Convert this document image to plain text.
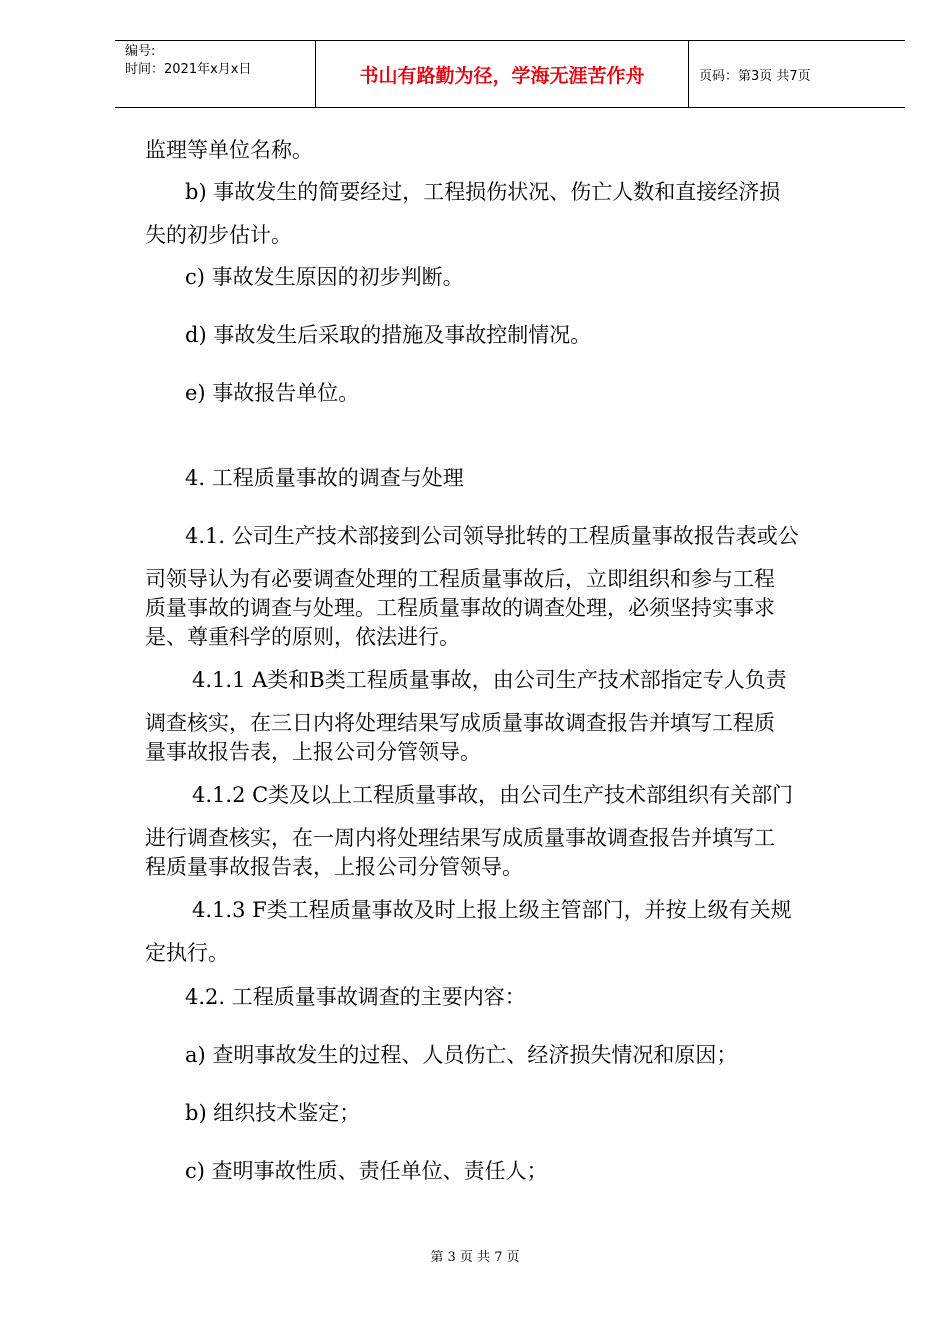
编号:
时间：2021年x月x日	书山有路勤为径，学海无涯苦作舟	页码：第3页 共7页
监理等单位名称。
b) 事故发生的简要经过，工程损伤状况、伤亡人数和直接经济损
失的初步估计。
c) 事故发生原因的初步判断。
d) 事故发生后采取的措施及事故控制情况。
e) 事故报告单位。
4. 工程质量事故的调查与处理
4.1. 公司生产技术部接到公司领导批转的工程质量事故报告表或公
司领导认为有必要调查处理的工程质量事故后，立即组织和参与工程
质量事故的调查与处理。工程质量事故的调查处理，必须坚持实事求
是、尊重科学的原则，依法进行。
4.1.1 A类和B类工程质量事故，由公司生产技术部指定专人负责
调查核实，在三日内将处理结果写成质量事故调查报告并填写工程质
量事故报告表，上报公司分管领导。
4.1.2 C类及以上工程质量事故，由公司生产技术部组织有关部门
进行调查核实，在一周内将处理结果写成质量事故调查报告并填写工
程质量事故报告表，上报公司分管领导。
4.1.3 F类工程质量事故及时上报上级主管部门，并按上级有关规
定执行。
4.2. 工程质量事故调查的主要内容：
a) 查明事故发生的过程、人员伤亡、经济损失情况和原因；
b) 组织技术鉴定；
c) 查明事故性质、责任单位、责任人；
第 3 页 共 7 页
